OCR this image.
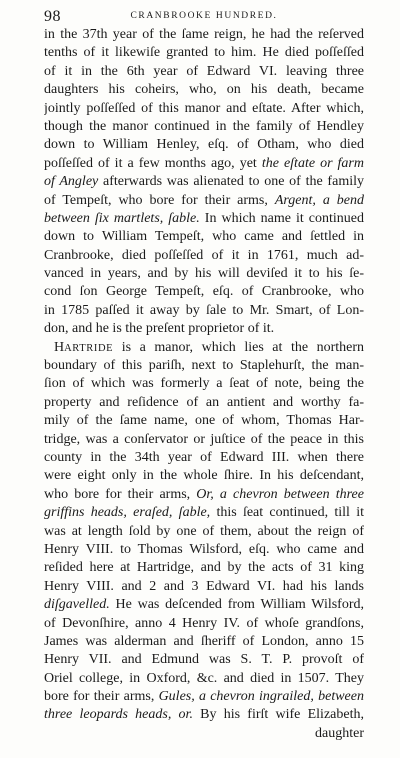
98	CRANBROOKE HUNDRED.
in the 37th year of the ſame reign, he had the reſerved
tenths of it likewiſe granted to him. He died poſſeſſed
of it in the 6th year of Edward VI. leaving three
daughters his coheirs, who, on his death, became
jointly poſſeſſed of this manor and eſtate. After which,
though the manor continued in the family of Hendley
down to William Henley, eſq. of Otham, who died
poſſeſſed of it a few months ago, yet the eſtate or farm
of Angley afterwards was alienated to one of the family
of Tempeſt, who bore for their arms, Argent, a bend
between ſix martlets, ſable. In which name it continued
down to William Tempeſt, who came and ſettled in
Cranbrooke, died poſſeſſed of it in 1761, much ad-
vanced in years, and by his will deviſed it to his ſe-
cond ſon George Tempeſt, eſq. of Cranbrooke, who
in 1785 paſſed it away by ſale to Mr. Smart, of Lon-
don, and he is the preſent proprietor of it.
HARTRIDE is a manor, which lies at the northern
boundary of this pariſh, next to Staplehurſt, the man-
ſion of which was formerly a ſeat of note, being the
property and reſidence of an antient and worthy fa-
mily of the ſame name, one of whom, Thomas Har-
tridge, was a conſervator or juſtice of the peace in this
county in the 34th year of Edward III. when there
were eight only in the whole ſhire. In his deſcendant,
who bore for their arms, Or, a chevron between three
griffins heads, eraſed, ſable, this ſeat continued, till it
was at length ſold by one of them, about the reign of
Henry VIII. to Thomas Wilsford, eſq. who came and
reſided here at Hartridge, and by the acts of 31 king
Henry VIII. and 2 and 3 Edward VI. had his lands
diſgavelled. He was deſcended from William Wilsford,
of Devonſhire, anno 4 Henry IV. of whoſe grandſons,
James was alderman and ſheriff of London, anno 15
Henry VII. and Edmund was S. T. P. provoſt of
Oriel college, in Oxford, &c. and died in 1507. They
bore for their arms, Gules, a chevron ingrailed, between
three leopards heads, or. By his firſt wife Elizabeth,
daughter
